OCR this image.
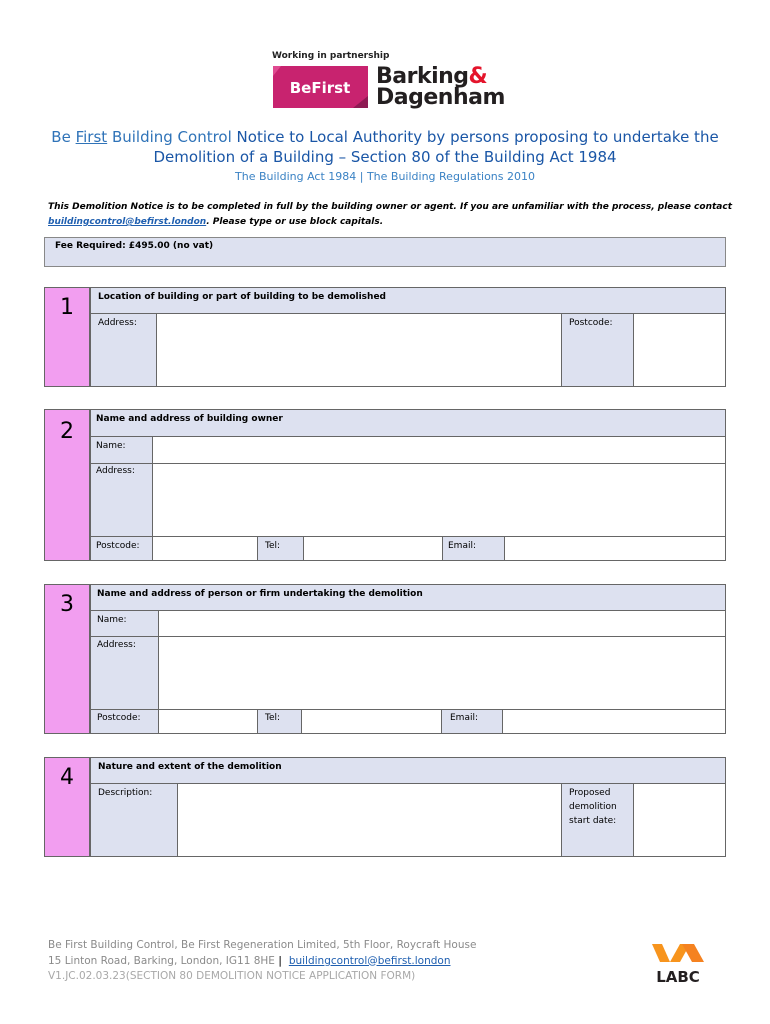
Working in partnership
BeFirst Barking&
Dagenham
Be First Building Control Notice to Local Authority by persons proposing to undertake the
Demolition of a Building – Section 80 of the Building Act 1984
The Building Act 1984 | The Building Regulations 2010
This Demolition Notice is to be completed in full by the building owner or agent. If you are unfamiliar with the process, please contact
buildingcontrol@befirst.london. Please type or use block capitals.
Fee Required: £495.00 (no vat)
1	Location of building or part of building to be demolished
Address:	Postcode:
2 Name and address of building owner
Name:
Address:
Postcode:	Tel:	Email:
3	Name and address of person or firm undertaking the demolition
Name:
Address:
Postcode:	Tel:	Email:
4	Nature and extent of the demolition
Description:	Proposed
demolition
start date:
Be First Building Control, Be First Regeneration Limited, 5th Floor, Roycraft House
15 Linton Road, Barking, London, IG11 8HE | buildingcontrol@befirst.london
V1.JC.02.03.23(SECTION 80 DEMOLITION NOTICE APPLICATION FORM)	LABC
